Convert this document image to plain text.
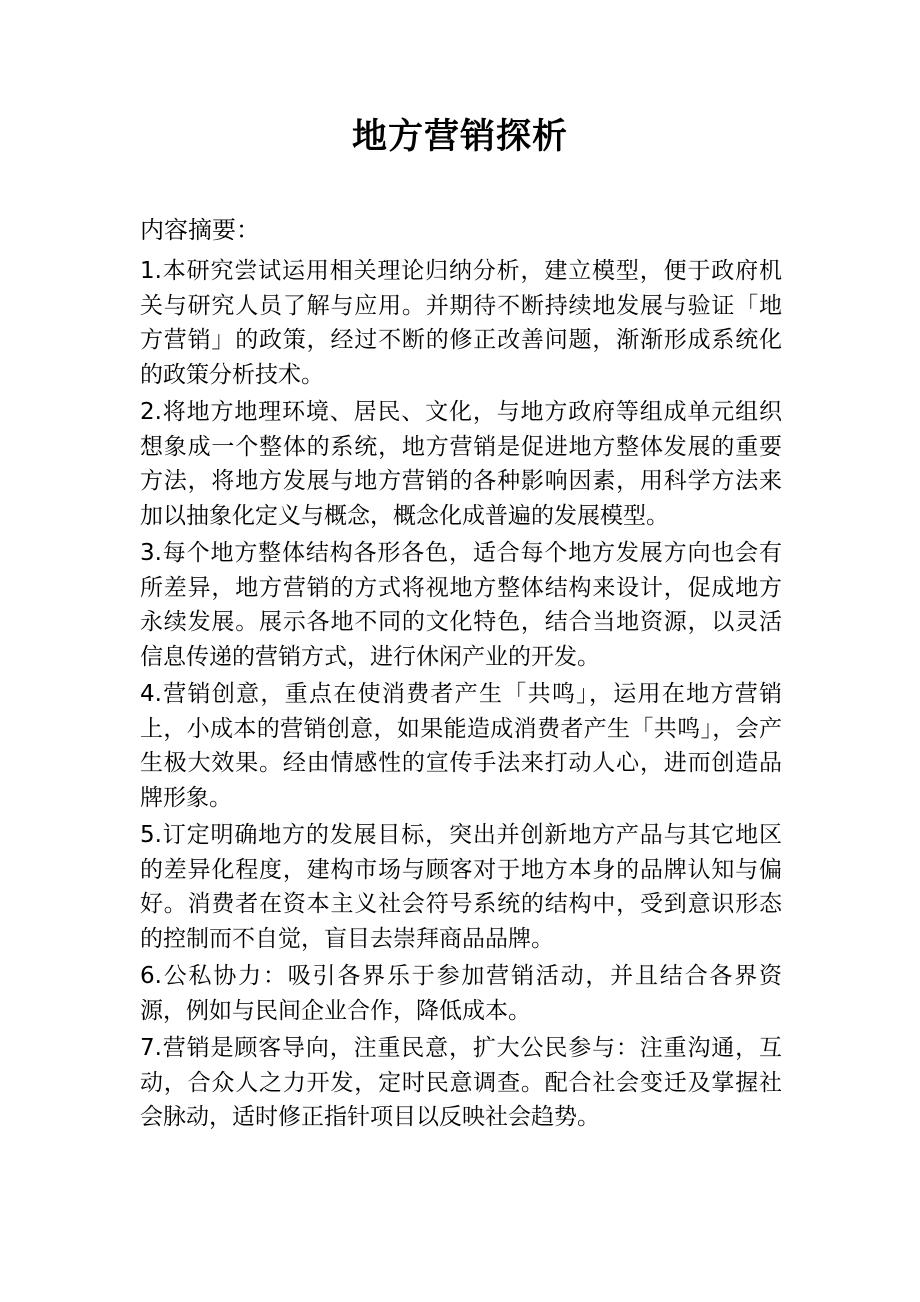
地方营销探析
内容摘要：

1.本研究尝试运用相关理论归纳分析，建立模型，便于政府机关与研究人员了解与应用。并期待不断持续地发展与验证「地方营销」的政策，经过不断的修正改善问题，渐渐形成系统化的政策分析技术。

2.将地方地理环境、居民、文化，与地方政府等组成单元组织想象成一个整体的系统，地方营销是促进地方整体发展的重要方法，将地方发展与地方营销的各种影响因素，用科学方法来加以抽象化定义与概念，概念化成普遍的发展模型。

3.每个地方整体结构各形各色，适合每个地方发展方向也会有所差异，地方营销的方式将视地方整体结构来设计，促成地方永续发展。展示各地不同的文化特色，结合当地资源，以灵活信息传递的营销方式，进行休闲产业的开发。

4.营销创意，重点在使消费者产生「共鸣」，运用在地方营销上，小成本的营销创意，如果能造成消费者产生「共鸣」，会产生极大效果。经由情感性的宣传手法来打动人心，进而创造品牌形象。

5.订定明确地方的发展目标，突出并创新地方产品与其它地区的差异化程度，建构市场与顾客对于地方本身的品牌认知与偏好。消费者在资本主义社会符号系统的结构中，受到意识形态的控制而不自觉，盲目去崇拜商品品牌。

6.公私协力：吸引各界乐于参加营销活动，并且结合各界资源，例如与民间企业合作，降低成本。

7.营销是顾客导向，注重民意，扩大公民参与：注重沟通，互动，合众人之力开发，定时民意调查。配合社会变迁及掌握社会脉动，适时修正指针项目以反映社会趋势。
